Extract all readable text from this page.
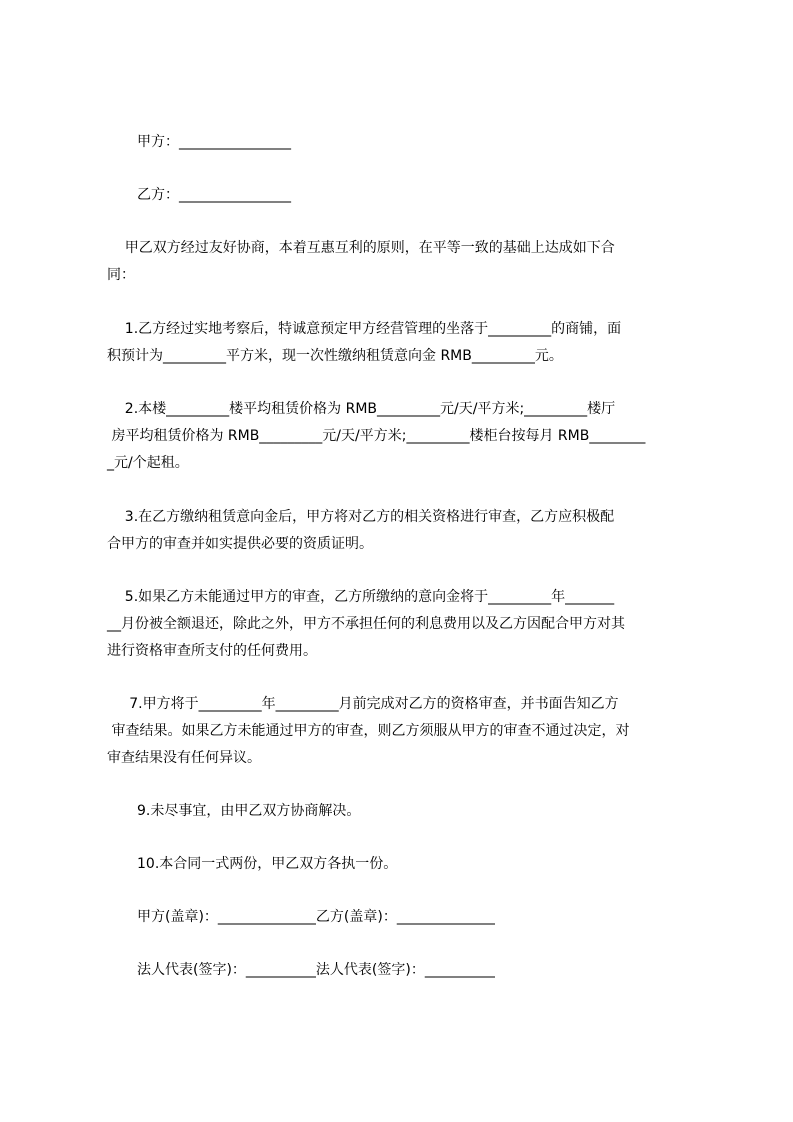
甲方：________________
乙方：________________
甲乙双方经过友好协商，本着互惠互利的原则，在平等一致的基础上达成如下合
同：
1.乙方经过实地考察后，特诚意预定甲方经营管理的坐落于_________的商铺，面
积预计为_________平方米，现一次性缴纳租赁意向金 RMB_________元。
2.本楼_________楼平均租赁价格为 RMB_________元/天/平方米;_________楼厅
房平均租赁价格为 RMB_________元/天/平方米;_________楼柜台按每月 RMB________
_元/个起租。
3.在乙方缴纳租赁意向金后，甲方将对乙方的相关资格进行审查，乙方应积极配
合甲方的审查并如实提供必要的资质证明。
5.如果乙方未能通过甲方的审查，乙方所缴纳的意向金将于_________年_______
__月份被全额退还，除此之外，甲方不承担任何的利息费用以及乙方因配合甲方对其
进行资格审查所支付的任何费用。
7.甲方将于_________年_________月前完成对乙方的资格审查，并书面告知乙方
审查结果。如果乙方未能通过甲方的审查，则乙方须服从甲方的审查不通过决定，对
审查结果没有任何异议。
9.未尽事宜，由甲乙双方协商解决。
10.本合同一式两份，甲乙双方各执一份。
甲方(盖章)：______________乙方(盖章)：______________
法人代表(签字)：__________法人代表(签字)：__________
